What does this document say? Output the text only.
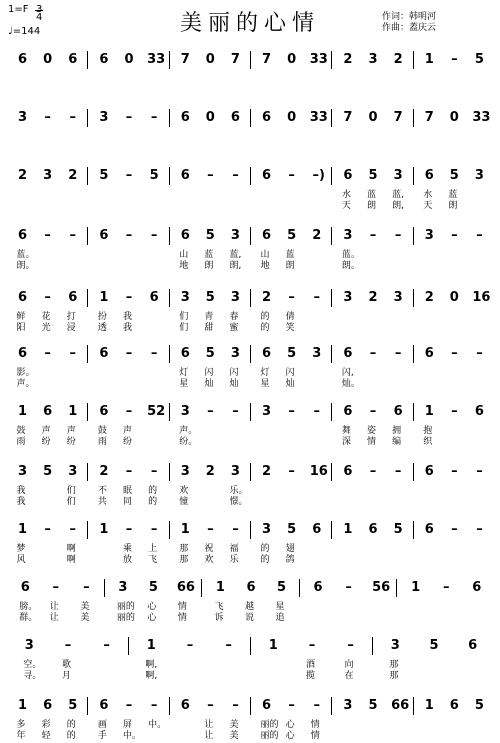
1=F
4
♩=144	美丽的心情	作词：韩明河
作曲：蓋庆云
6 0 6 6 0 33 7 0 7 7 0 33 2 3 2 1	–	5
3	–	–	3	–	–	6 0 6 6 0 33 7 0 7 7 0 33
2 3 2 5	–	5 6	–	–	6	–	–) 6 5 3 6 5 3
水 蓝 蓝, 水 蓝
天 朗 朗, 天 朗
6	–	–	6	–	–	6 5 3 6 5 2 3	–	–	3	–	–
蓝。	山 蓝 蓝, 山 蓝	蓝。
朗。	地 朗 朗, 地 朗	朗。
6	–	6 1	–	6 3 5 3 2	–	–	3 2 3 2 0 16
鲜 花 打 扮 我	们 青 春 的 倩
阳 光 浸 透 我	们 甜 蜜 的 笑
6	–	–	6	–	–	6 5 3 6 5 3 6	–	–	6	–	–
影。	灯 闪 闪 灯 闪	闪,
声。	星 灿 灿 星 灿	灿。
1 6 1 6	–	52 3	–	–	3	–	–	6	–	6 1	–	6
鼓 声 声 鼓 声	声。	舞 姿 拥 抱
雨 纷 纷 雨 纷	纷。	深 情 编 织
3 5 3 2	–	–	3 2 3 2	–	16 6	–	–	6	–	–
我	们 不 眠 的 欢	乐。
我	们 共 同 的 憧	憬。
1	–	–	1	–	–	1	–	–	3 5 6 1 6 5 6	–	–
梦	啊	乘 上 那 祝 福 的 翅
风	啊	放 飞 那 欢 乐 的 鸽
6	–	–	3 5 66 1 6 5 6	–	56 1	–	6
膀。 让 美	丽的 心 情	飞 越 星
群。 让 美	丽的 心 情	诉 说 追
3	–	–	1	–	–	1	–	–	3 5 6
空。 歌	啊,	酒	向	那
寻。 月	啊,	揽	在	那
1 6 5 6	–	–	6	–	–	6	–	–	3 5 66 1 6 5
多 彩 的 画 屏 中。	让 美 丽的 心 情
年 轻 的 手 中。	让 美 丽的 心 情
